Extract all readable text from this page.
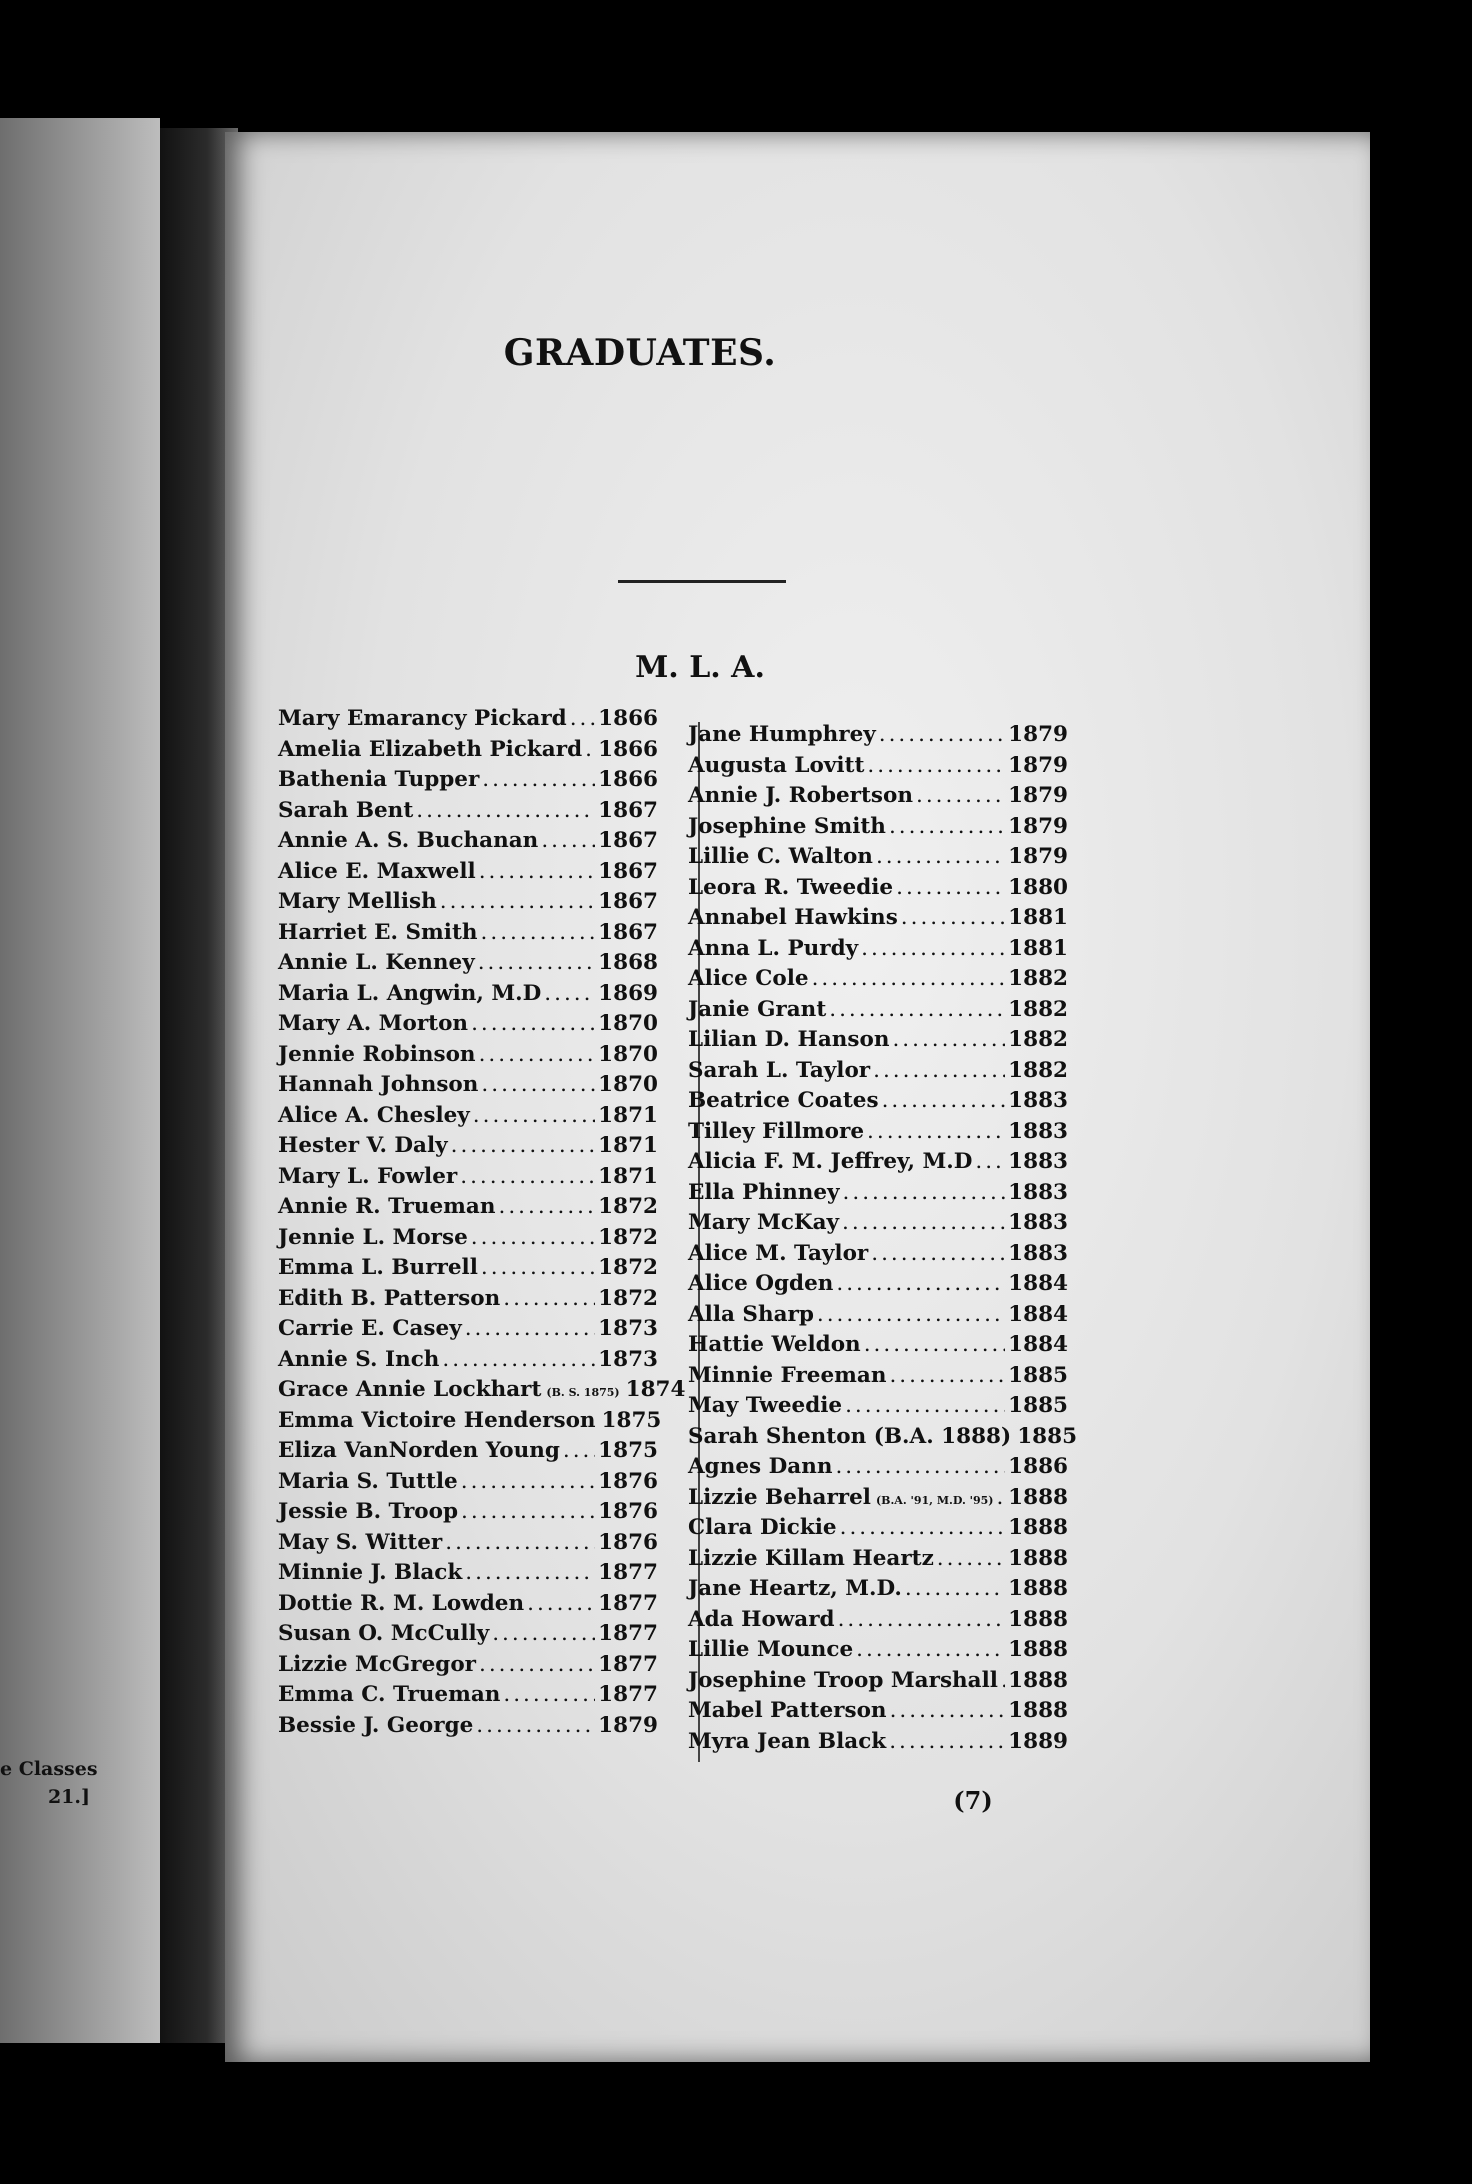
e Classes
21.]
GRADUATES.
M. L. A.
Mary Emarancy Pickard ..... 1866
Amelia Elizabeth Pickard ..... 1866
Bathenia Tupper .....	1866
Sarah Bent .....	1867
Annie A. S. Buchanan .....	1867
Alice E. Maxwell .....	1867
Mary Mellish .....	1867
Harriet E. Smith .....	1867
Annie L. Kenney .....	1868
Maria L. Angwin, M.D .....	1869
Mary A. Morton .....	1870
Jennie Robinson .....	1870
Hannah Johnson .....	1870
Alice A. Chesley .....	1871
Hester V. Daly .....	1871
Mary L. Fowler .....	1871
Annie R. Trueman .....	1872
Jennie L. Morse .....	1872
Emma L. Burrell .....	1872
Edith B. Patterson .....	1872
Carrie E. Casey .....	1873
Annie S. Inch .....	1873
Grace Annie Lockhart (B. S. 1875) 1874
Emma Victoire Henderson 1875
Eliza VanNorden Young ..... 1875
Maria S. Tuttle .....	1876
Jessie B. Troop .....	1876
May S. Witter .....	1876
Minnie J. Black .....	1877
Dottie R. M. Lowden .....	1877
Susan O. McCully .....	1877
Lizzie McGregor .....	1877
Emma C. Trueman .....	1877
Bessie J. George .....	1879
Jane Humphrey .....	1879
Augusta Lovitt .....	1879
Annie J. Robertson .....	1879
Josephine Smith .....	1879
Lillie C. Walton .....	1879
Leora R. Tweedie .....	1880
Annabel Hawkins .....	1881
Anna L. Purdy .....	1881
Alice Cole .....	1882
Janie Grant .....	1882
Lilian D. Hanson .....	1882
Sarah L. Taylor .....	1882
Beatrice Coates .....	1883
Tilley Fillmore .....	1883
Alicia F. M. Jeffrey, M.D ..... 1883
Ella Phinney .....	1883
Mary McKay .....	1883
Alice M. Taylor .....	1883
Alice Ogden .....	1884
Alla Sharp .....	1884
Hattie Weldon .....	1884
Minnie Freeman .....	1885
May Tweedie .....	1885
Sarah Shenton (B.A. 1888) 1885
Agnes Dann .....	1886
Lizzie Beharrel (B.A. '91, M.D. '95) ..... 1888
Clara Dickie .....	1888
Lizzie Killam Heartz .....	1888
Jane Heartz, M.D. .....	1888
Ada Howard .....	1888
Lillie Mounce .....	1888
Josephine Troop Marshall ..... 1888
Mabel Patterson .....	1888
Myra Jean Black .....	1889
(7)
